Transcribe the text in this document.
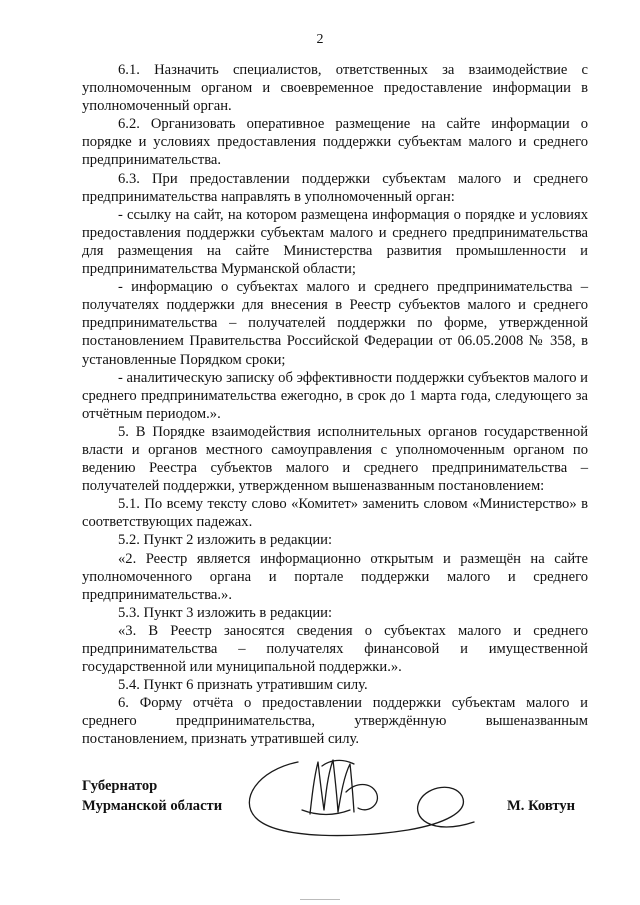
2

6.1. Назначить специалистов, ответственных за взаимодействие с уполномоченным органом и своевременное предоставление информации в уполномоченный орган.

6.2. Организовать оперативное размещение на сайте информации о порядке и условиях предоставления поддержки субъектам малого и среднего предпринимательства.

6.3. При предоставлении поддержки субъектам малого и среднего предпринимательства направлять в уполномоченный орган:

- ссылку на сайт, на котором размещена информация о порядке и условиях предоставления поддержки субъектам малого и среднего предпринимательства для размещения на сайте Министерства развития промышленности и предпринимательства Мурманской области;

- информацию о субъектах малого и среднего предпринимательства – получателях поддержки для внесения в Реестр субъектов малого и среднего предпринимательства – получателей поддержки по форме, утвержденной постановлением Правительства Российской Федерации от 06.05.2008 № 358, в установленные Порядком сроки;

- аналитическую записку об эффективности поддержки субъектов малого и среднего предпринимательства ежегодно, в срок до 1 марта года, следующего за отчётным периодом.».

5. В Порядке взаимодействия исполнительных органов государственной власти и органов местного самоуправления с уполномоченным органом по ведению Реестра субъектов малого и среднего предпринимательства – получателей поддержки, утвержденном вышеназванным постановлением:

5.1. По всему тексту слово «Комитет» заменить словом «Министерство» в соответствующих падежах.

5.2. Пункт 2 изложить в редакции:

«2. Реестр является информационно открытым и размещён на сайте уполномоченного органа и портале поддержки малого и среднего предпринимательства.».

5.3. Пункт 3 изложить в редакции:

«3. В Реестр заносятся сведения о субъектах малого и среднего предпринимательства – получателях финансовой и имущественной государственной или муниципальной поддержки.».

5.4. Пункт 6 признать утратившим силу.

6. Форму отчёта о предоставлении поддержки субъектам малого и среднего предпринимательства, утверждённую вышеназванным постановлением, признать утратившей силу.

Губернатор
Мурманской области	М. Ковтун
